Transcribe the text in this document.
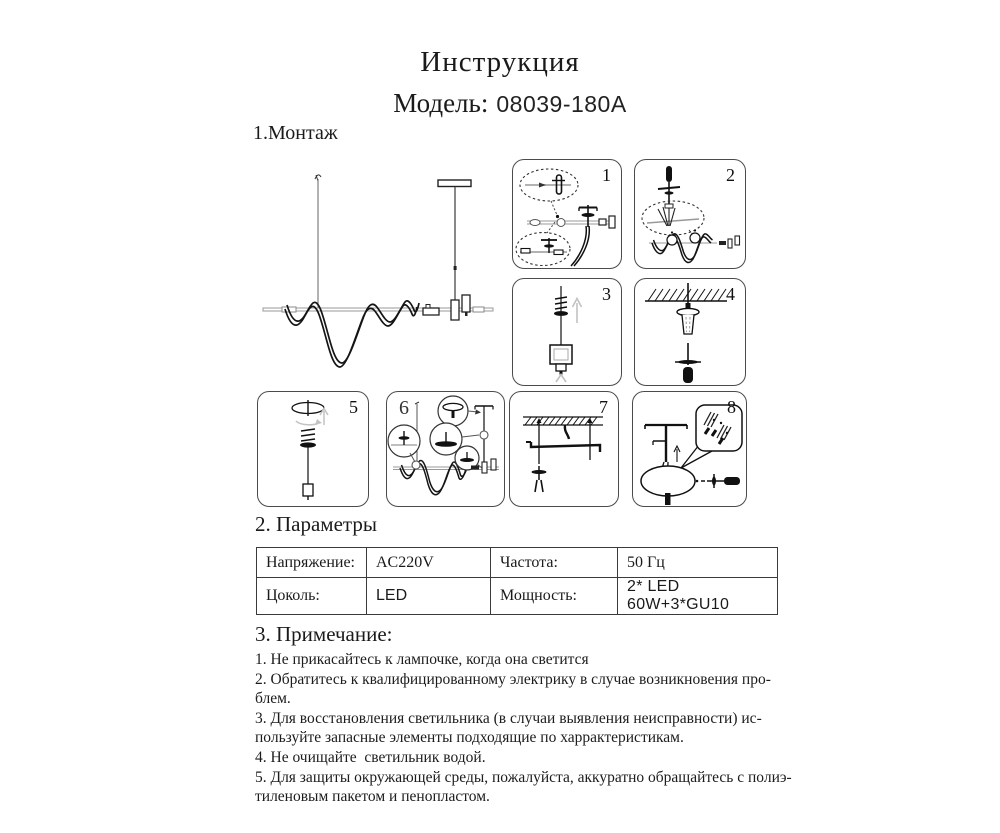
Инструкция
Модель: 08039-180A
1.Монтаж
1	2
3	4
5 6	7	8
2. Параметры
Напряжение:	AC220V	Частота:	50 Гц
Цоколь:	LED	Мощность:	2* LED 60W+3*GU10
3. Примечание:
1. Не прикасайтесь к лампочке, когда она светится
2. Обратитесь к квалифицированному электрику в случае возникновения про-
блем.
3. Для восстановления светильника (в случаи выявления неисправности) ис-
пользуйте запасные элементы подходящие по харрактеристикам.
4. Не очищайте  светильник водой.
5. Для защиты окружающей среды, пожалуйста, аккуратно обращайтесь с полиэ-
тиленовым пакетом и пенопластом.
